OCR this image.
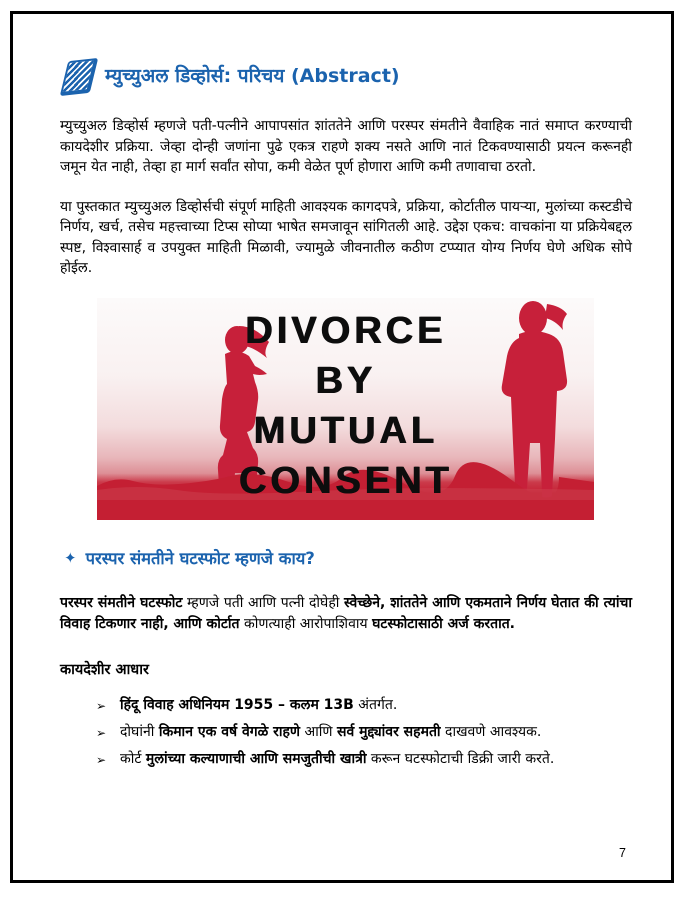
म्युच्युअल डिव्होर्स: परिचय (Abstract)

म्युच्युअल डिव्होर्स म्हणजे पती-पत्नीने आपापसांत शांततेने आणि परस्पर संमतीने वैवाहिक नातं समाप्त करण्याची कायदेशीर प्रक्रिया. जेव्हा दोन्ही जणांना पुढे एकत्र राहणे शक्य नसते आणि नातं टिकवण्यासाठी प्रयत्न करूनही जमून येत नाही, तेव्हा हा मार्ग सर्वांत सोपा, कमी वेळेत पूर्ण होणारा आणि कमी तणावाचा ठरतो.

या पुस्तकात म्युच्युअल डिव्होर्सची संपूर्ण माहिती आवश्यक कागदपत्रे, प्रक्रिया, कोर्टातील पायऱ्या, मुलांच्या कस्टडीचे निर्णय, खर्च, तसेच महत्त्वाच्या टिप्स सोप्या भाषेत समजावून सांगितली आहे. उद्देश एकच: वाचकांना या प्रक्रियेबद्दल स्पष्ट, विश्वासार्ह व उपयुक्त माहिती मिळावी, ज्यामुळे जीवनातील कठीण टप्प्यात योग्य निर्णय घेणे अधिक सोपे होईल.

DIVORCE
BY
MUTUAL
CONSENT
✦ परस्पर संमतीने घटस्फोट म्हणजे काय?

परस्पर संमतीने घटस्फोट म्हणजे पती आणि पत्नी दोघेही स्वेच्छेने, शांततेने आणि एकमताने निर्णय घेतात की त्यांचा विवाह टिकणार नाही, आणि कोर्टात कोणत्याही आरोपाशिवाय घटस्फोटासाठी अर्ज करतात.

कायदेशीर आधार
➢ हिंदू विवाह अधिनियम 1955 – कलम 13B अंतर्गत.
➢ दोघांनी किमान एक वर्ष वेगळे राहणे आणि सर्व मुद्द्यांवर सहमती दाखवणे आवश्यक.
➢ कोर्ट मुलांच्या कल्याणाची आणि समजुतीची खात्री करून घटस्फोटाची डिक्री जारी करते.
7
